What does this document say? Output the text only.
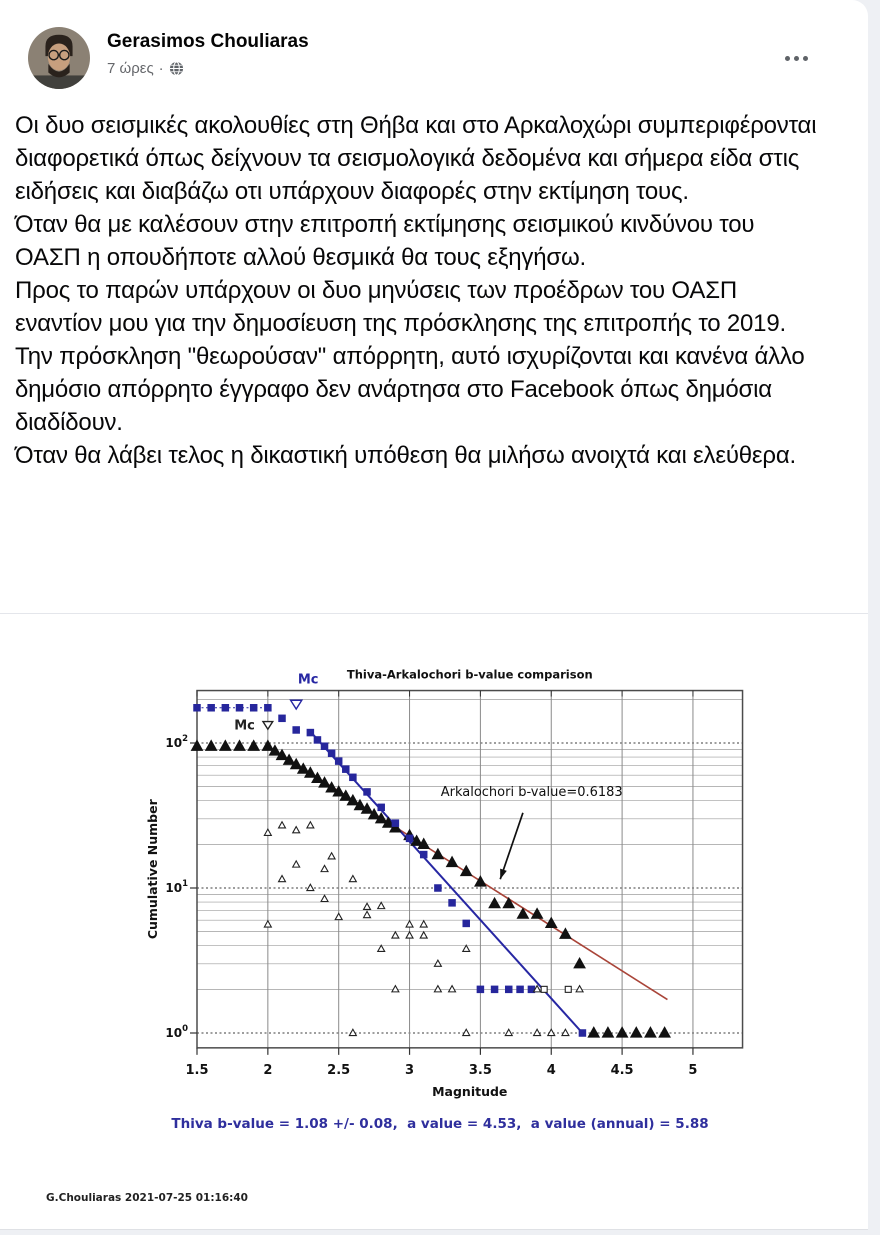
Gerasimos Chouliaras
7 ώρες ·
Οι δυο σεισμικές ακολουθίες στη Θήβα και στο Αρκαλοχώρι συμπεριφέρονται διαφορετικά όπως δείχνουν τα σεισμολογικά δεδομένα και σήμερα είδα στις ειδήσεις και διαβάζω οτι υπάρχουν διαφορές στην εκτίμηση τους.
Όταν θα με καλέσουν στην επιτροπή εκτίμησης σεισμικού κινδύνου του ΟΑΣΠ η οπουδήποτε αλλού θεσμικά θα τους εξηγήσω.
Προς το παρών υπάρχουν οι δυο μηνύσεις των προέδρων του ΟΑΣΠ εναντίον μου για την δημοσίευση της πρόσκλησης της επιτροπής το 2019.
Την πρόσκληση "θεωρούσαν" απόρρητη, αυτό ισχυρίζονται και κανένα άλλο δημόσιο απόρρητο έγγραφο δεν ανάρτησα στο Facebook όπως δημόσια διαδίδουν.
Όταν θα λάβει τελος η δικαστική υπόθεση θα μιλήσω ανοιχτά και ελεύθερα.
1.5	2	2.5	3	3.5	4	4.5	5
$10^0$
$10^1$
$10^2$
Thiva-Arkalochori b-value comparison
Magnitude
Cumulative Number
Mc
Mc
Arkalochori b-value=0.6183
Thiva b-value = 1.08 +/- 0.08,  a value = 4.53,  a value (annual) = 5.88
G.Chouliaras 2021-07-25 01:16:40
